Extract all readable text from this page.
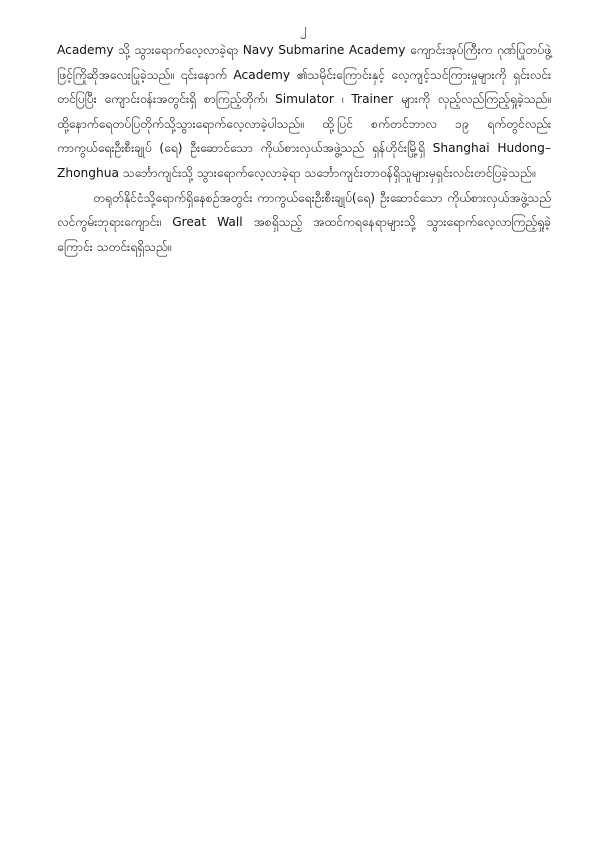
၂

Academy သို့ သွားရောက်လေ့လာခဲ့ရာ Navy Submarine Academy ကျောင်းအုပ်ကြီးက ဂုဏ်ပြုတပ်ဖွဲ့ဖြင့်ကြိုဆိုအလေးပြုခဲ့သည်။ ၎င်းနောက် Academy ၏သမိုင်းကြောင်းနှင့် လေ့ကျင့်သင်ကြားမှုများကို ရှင်းလင်းတင်ပြပြီး ကျောင်းဝန်းအတွင်းရှိ စာကြည့်တိုက်၊ Simulator ၊ Trainer များကို လှည့်လည်ကြည့်ရှုခဲ့သည်။ ထို့နောက်ရေတပ်ပြတိုက်သို့သွားရောက်လေ့လာခဲ့ပါသည်။ ထို့ပြင် စက်တင်ဘာလ ၁၉ ရက်တွင်လည်း ကာကွယ်ရေးဦးစီးချုပ် (ရေ) ဦးဆောင်သော ကိုယ်စားလှယ်အဖွဲ့သည် ရှန်ဟိုင်းမြို့ရှိ Shanghai Hudong–Zhonghua သင်္ဘောကျင်းသို့ သွားရောက်လေ့လာခဲ့ရာ သင်္ဘောကျင်းတာဝန်ရှိသူများမှရှင်းလင်းတင်ပြခဲ့သည်။

တရုတ်နိုင်ငံသို့ရောက်ရှိနေစဉ်အတွင်း ကာကွယ်ရေးဦးစီးချုပ်(ရေ) ဦးဆောင်သော ကိုယ်စားလှယ်အဖွဲ့သည် လင်ကွမ်းဘုရားကျောင်း၊ Great Wall အစရှိသည့် အထင်ကရနေရာများသို့ သွားရောက်လေ့လာကြည့်ရှုခဲ့ကြောင်း သတင်းရရှိသည်။
